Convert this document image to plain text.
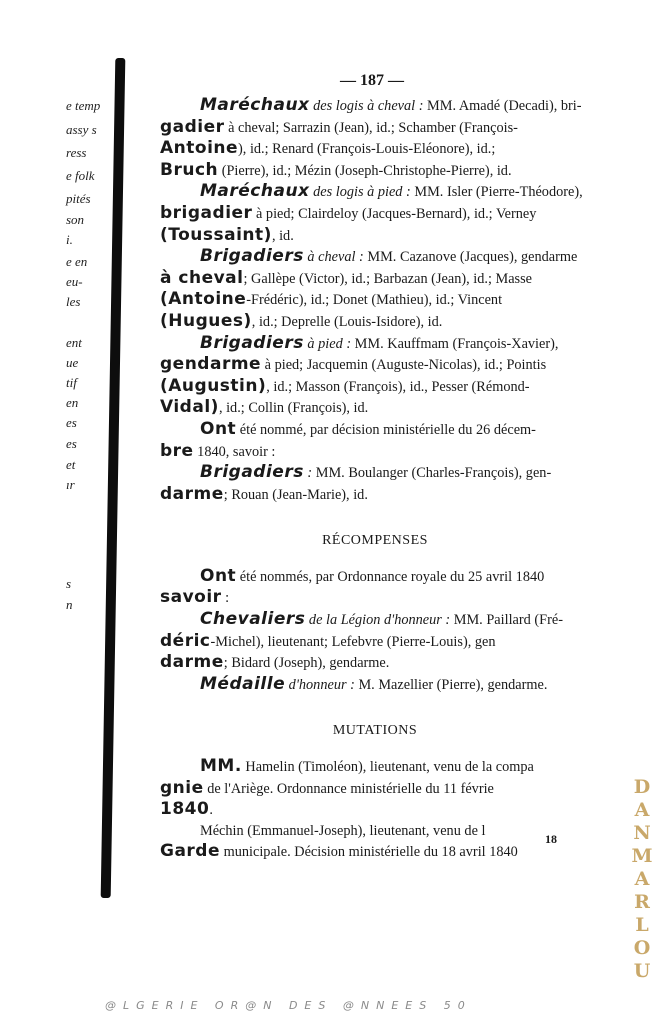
e temp
assy s
ress
e folk
pités
son
i.
e en
eu-
les
ent
ue
tif
en
es
es
et
ır
s
n
— 187 —

Maréchaux des logis à cheval : MM. Amadé (Decadi), bri-

gadier à cheval; Sarrazin (Jean), id.; Schamber (François-

Antoine), id.; Renard (François-Louis-Eléonore), id.;

Bruch (Pierre), id.; Mézin (Joseph-Christophe-Pierre), id.

Maréchaux des logis à pied : MM. Isler (Pierre-Théodore),

brigadier à pied; Clairdeloy (Jacques-Bernard), id.; Verney

(Toussaint), id.

Brigadiers à cheval : MM. Cazanove (Jacques), gendarme

à cheval; Gallèpe (Victor), id.; Barbazan (Jean), id.; Masse

(Antoine-Frédéric), id.; Donet (Mathieu), id.; Vincent

(Hugues), id.; Deprelle (Louis-Isidore), id.

Brigadiers à pied : MM. Kauffmam (François-Xavier),

gendarme à pied; Jacquemin (Auguste-Nicolas), id.; Pointis

(Augustin), id.; Masson (François), id., Pesser (Rémond-

Vidal), id.; Collin (François), id.

Ont été nommé, par décision ministérielle du 26 décem-

bre 1840, savoir :

Brigadiers : MM. Boulanger (Charles-François), gen-

darme; Rouan (Jean-Marie), id.

RÉCOMPENSES

Ont été nommés, par Ordonnance royale du 25 avril 1840

savoir :

Chevaliers de la Légion d'honneur : MM. Paillard (Fré-

déric-Michel), lieutenant; Lefebvre (Pierre-Louis), gen

darme; Bidard (Joseph), gendarme.

Médaille d'honneur : M. Mazellier (Pierre), gendarme.

MUTATIONS

MM. Hamelin (Timoléon), lieutenant, venu de la compa

gnie de l'Ariège. Ordonnance ministérielle du 11 févrie

1840.

Méchin (Emmanuel-Joseph), lieutenant, venu de l

Garde municipale. Décision ministérielle du 18 avril 1840

18
D
A
N
M
A
R
L
O
U
@LGERIE OR@N DES @NNEES 50
